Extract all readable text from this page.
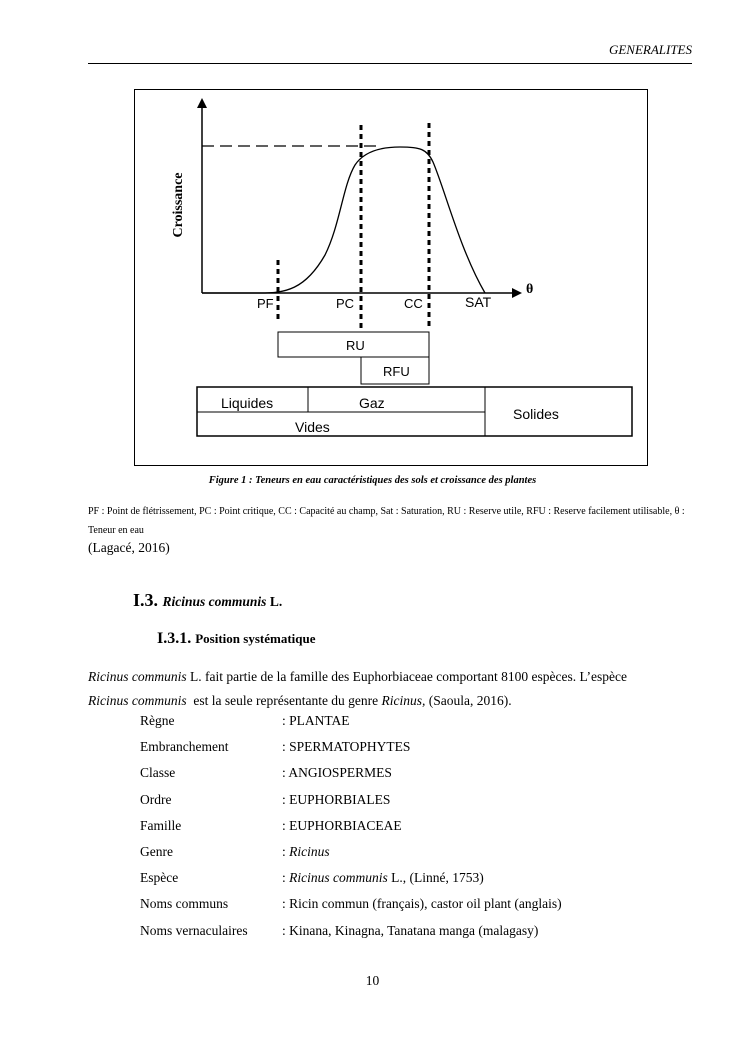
GENERALITES
Croissance
θ
PF	PC	CC	SAT
RU
RFU
Liquides	Gaz
Vides
Solides
Figure 1 : Teneurs en eau caractéristiques des sols et croissance des plantes
PF : Point de flétrissement, PC : Point critique, CC : Capacité au champ, Sat : Saturation, RU : Reserve utile, RFU : Reserve facilement utilisable, θ : Teneur en eau
(Lagacé, 2016)
I.3. Ricinus communis L.
I.3.1. Position systématique

Ricinus communis L. fait partie de la famille des Euphorbiaceae comportant 8100 espèces. L’espèce

Ricinus communis  est la seule représentante du genre Ricinus, (Saoula, 2016).

Règne	: PLANTAE
Embranchement	: SPERMATOPHYTES
Classe	: ANGIOSPERMES
Ordre	: EUPHORBIALES
Famille	: EUPHORBIACEAE
Genre	: Ricinus
Espèce	: Ricinus communis L., (Linné, 1753)
Noms communs	: Ricin commun (français), castor oil plant (anglais)
Noms vernaculaires	: Kinana, Kinagna, Tanatana manga (malagasy)
10
